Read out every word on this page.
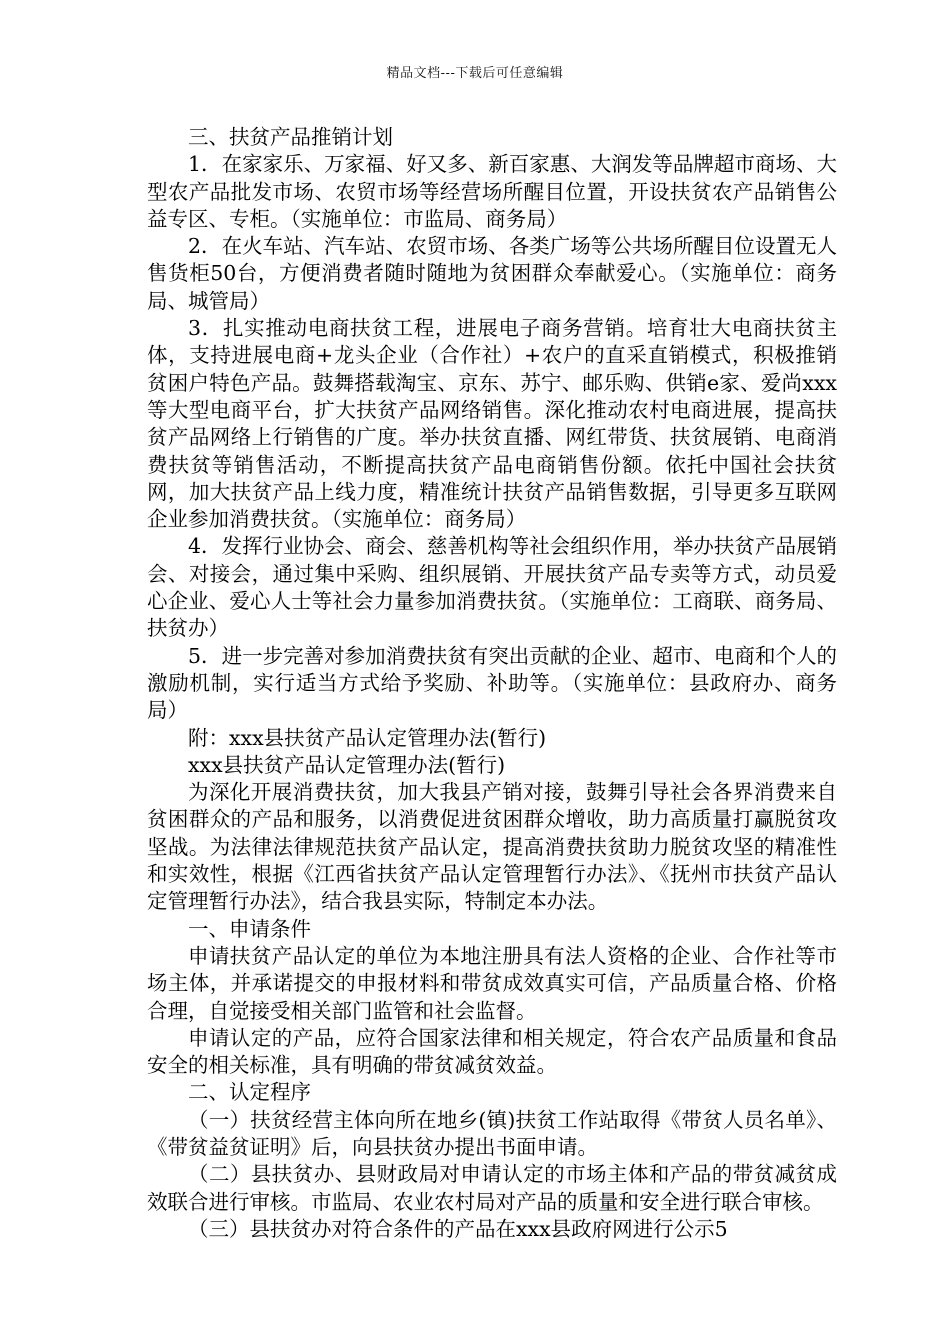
精品文档---下载后可任意编辑

三、扶贫产品推销计划

1．在家家乐、万家福、好又多、新百家惠、大润发等品牌超市商场、大型农产品批发市场、农贸市场等经营场所醒目位置，开设扶贫农产品销售公益专区、专柜。（实施单位：市监局、商务局）

2．在火车站、汽车站、农贸市场、各类广场等公共场所醒目位设置无人售货柜50台，方便消费者随时随地为贫困群众奉献爱心。（实施单位：商务局、城管局）

3．扎实推动电商扶贫工程，进展电子商务营销。培育壮大电商扶贫主体，支持进展电商+龙头企业（合作社）+农户的直采直销模式，积极推销贫困户特色产品。鼓舞搭载淘宝、京东、苏宁、邮乐购、供销e家、爱尚xxx等大型电商平台，扩大扶贫产品网络销售。深化推动农村电商进展，提高扶贫产品网络上行销售的广度。举办扶贫直播、网红带货、扶贫展销、电商消费扶贫等销售活动，不断提高扶贫产品电商销售份额。依托中国社会扶贫网，加大扶贫产品上线力度，精准统计扶贫产品销售数据，引导更多互联网企业参加消费扶贫。（实施单位：商务局）

4．发挥行业协会、商会、慈善机构等社会组织作用，举办扶贫产品展销会、对接会，通过集中采购、组织展销、开展扶贫产品专卖等方式，动员爱心企业、爱心人士等社会力量参加消费扶贫。（实施单位：工商联、商务局、扶贫办）

5．进一步完善对参加消费扶贫有突出贡献的企业、超市、电商和个人的激励机制，实行适当方式给予奖励、补助等。（实施单位：县政府办、商务局）

附：xxx县扶贫产品认定管理办法(暂行)

xxx县扶贫产品认定管理办法(暂行)

为深化开展消费扶贫，加大我县产销对接，鼓舞引导社会各界消费来自贫困群众的产品和服务，以消费促进贫困群众增收，助力高质量打赢脱贫攻坚战。为法律法律规范扶贫产品认定，提高消费扶贫助力脱贫攻坚的精准性和实效性，根据《江西省扶贫产品认定管理暂行办法》、《抚州市扶贫产品认定管理暂行办法》，结合我县实际，特制定本办法。

一、申请条件

申请扶贫产品认定的单位为本地注册具有法人资格的企业、合作社等市场主体，并承诺提交的申报材料和带贫成效真实可信，产品质量合格、价格合理，自觉接受相关部门监管和社会监督。

申请认定的产品，应符合国家法律和相关规定，符合农产品质量和食品安全的相关标准，具有明确的带贫减贫效益。

二、认定程序

（一）扶贫经营主体向所在地乡(镇)扶贫工作站取得《带贫人员名单》、《带贫益贫证明》后，向县扶贫办提出书面申请。

（二）县扶贫办、县财政局对申请认定的市场主体和产品的带贫减贫成效联合进行审核。市监局、农业农村局对产品的质量和安全进行联合审核。

（三）县扶贫办对符合条件的产品在xxx县政府网进行公示5
